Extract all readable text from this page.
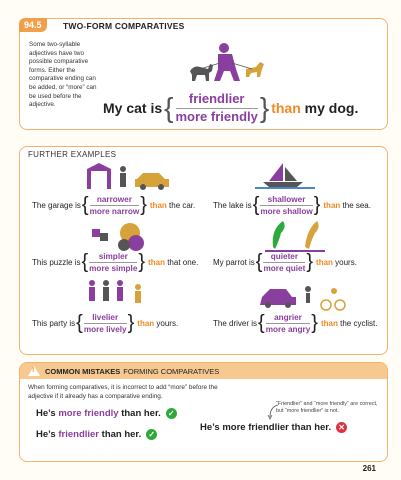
94.5	TWO-FORM COMPARATIVES
Some two-syllable adjectives have two possible comparative forms. Either the comparative ending can be added, or “more” can be used before the adjective.	My cat is { friendlier
more friendly } than
my dog.
FURTHER EXAMPLES
The garage is { narrower
more narrow } than the car. The lake is { shallower
more shallow } than the sea.
This puzzle is { simpler
more simple } than that one. My parrot is { quieter
more quiet } than yours.
This party is { livelier
more lively } than yours.	The driver is { angrier
more angry } than the cyclist.
!
COMMON MISTAKES FORMING COMPARATIVES
When forming comparatives, it is incorrect to add “more” before the adjective if it already has a comparative ending.
He’s
more friendly
than her. ✓
He’s
friendlier
than her. ✓
“Friendlier” and “more friendly” are correct, but “more friendlier” is not.
He’s more friendlier than her. ✕
261
